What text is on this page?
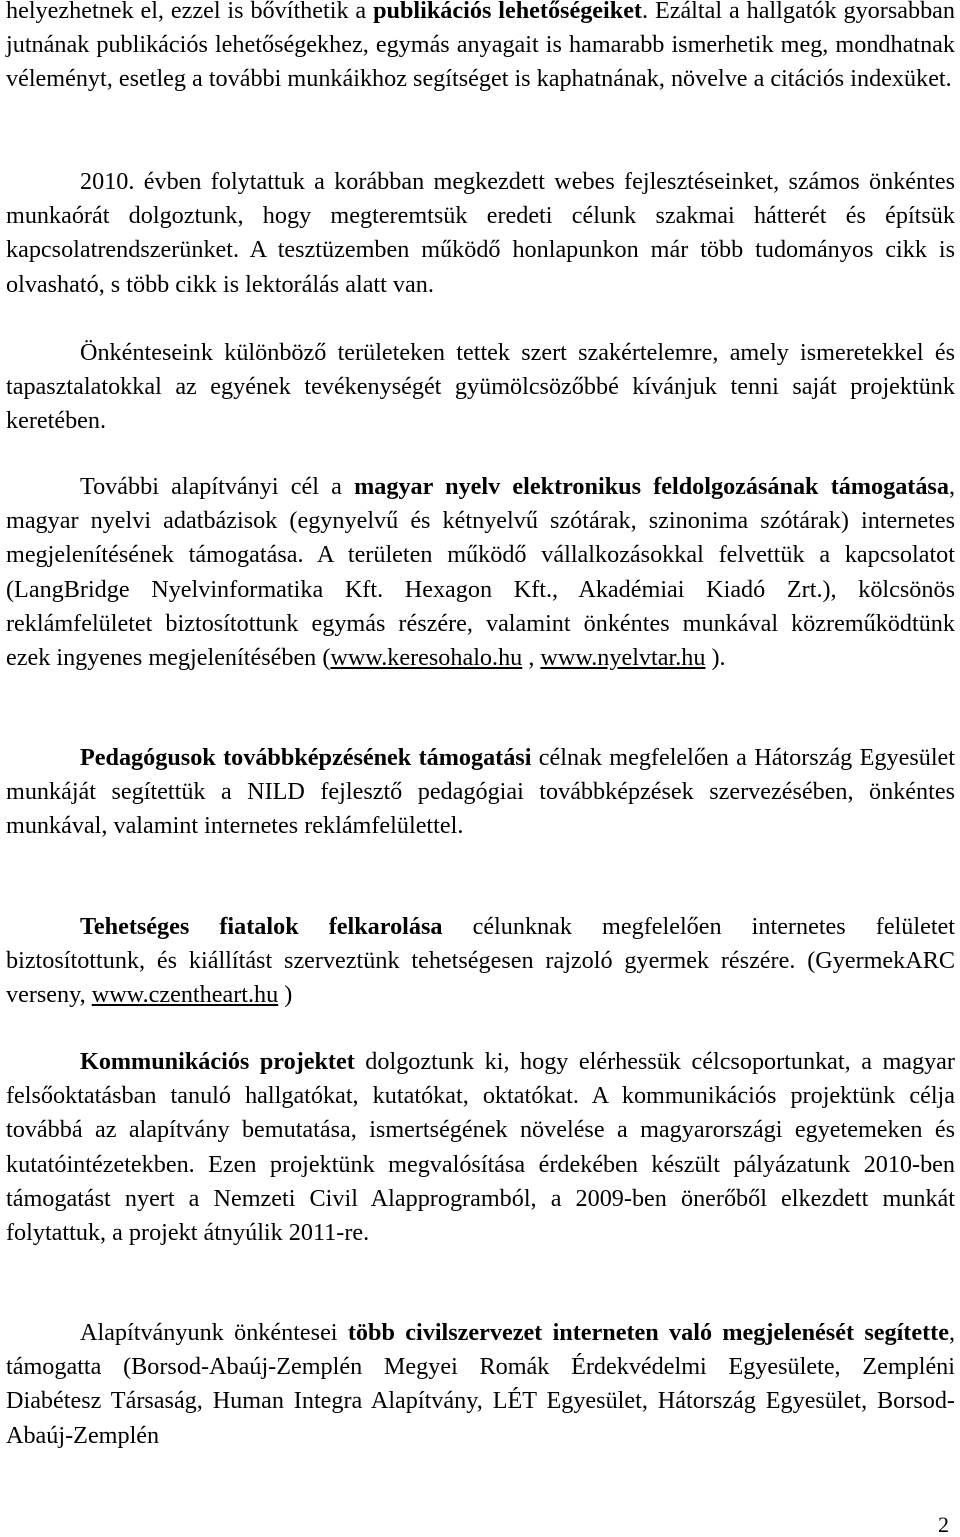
helyezhetnek el, ezzel is bővíthetik a publikációs lehetőségeiket. Ezáltal a hallgatók gyorsabban jutnának publikációs lehetőségekhez, egymás anyagait is hamarabb ismerhetik meg, mondhatnak véleményt, esetleg a további munkáikhoz segítséget is kaphatnának, növelve a citációs indexüket.
2010. évben folytattuk a korábban megkezdett webes fejlesztéseinket, számos önkéntes munkaórát dolgoztunk, hogy megteremtsük eredeti célunk szakmai hátterét és építsük kapcsolatrendszerünket. A tesztüzemben működő honlapunkon már több tudományos cikk is olvasható, s több cikk is lektorálás alatt van.
Önkénteseink különböző területeken tettek szert szakértelemre, amely ismeretekkel és tapasztalatokkal az egyének tevékenységét gyümölcsözőbbé kívánjuk tenni saját projektünk keretében.
További alapítványi cél a magyar nyelv elektronikus feldolgozásának támogatása, magyar nyelvi adatbázisok (egynyelvű és kétnyelvű szótárak, szinonima szótárak) internetes megjelenítésének támogatása. A területen működő vállalkozásokkal felvettük a kapcsolatot (LangBridge Nyelvinformatika Kft. Hexagon Kft., Akadémiai Kiadó Zrt.), kölcsönös reklámfelületet biztosítottunk egymás részére, valamint önkéntes munkával közreműködtünk ezek ingyenes megjelenítésében (www.keresohalo.hu , www.nyelvtar.hu ).
Pedagógusok továbbképzésének támogatási célnak megfelelően a Hátország Egyesület munkáját segítettük a NILD fejlesztő pedagógiai továbbképzések szervezésében, önkéntes munkával, valamint internetes reklámfelülettel.
Tehetséges fiatalok felkarolása célunknak megfelelően internetes felületet biztosítottunk, és kiállítást szerveztünk tehetségesen rajzoló gyermek részére. (GyermekARC verseny, www.czentheart.hu )
Kommunikációs projektet dolgoztunk ki, hogy elérhessük célcsoportunkat, a magyar felsőoktatásban tanuló hallgatókat, kutatókat, oktatókat. A kommunikációs projektünk célja továbbá az alapítvány bemutatása, ismertségének növelése a magyarországi egyetemeken és kutatóintézetekben. Ezen projektünk megvalósítása érdekében készült pályázatunk 2010-ben támogatást nyert a Nemzeti Civil Alapprogramból, a 2009-ben önerőből elkezdett munkát folytattuk, a projekt átnyúlik 2011-re.
Alapítványunk önkéntesei több civilszervezet interneten való megjelenését segítette, támogatta (Borsod-Abaúj-Zemplén Megyei Romák Érdekvédelmi Egyesülete, Zempléni Diabétesz Társaság, Human Integra Alapítvány, LÉT Egyesület, Hátország Egyesület, Borsod-Abaúj-Zemplén
2
